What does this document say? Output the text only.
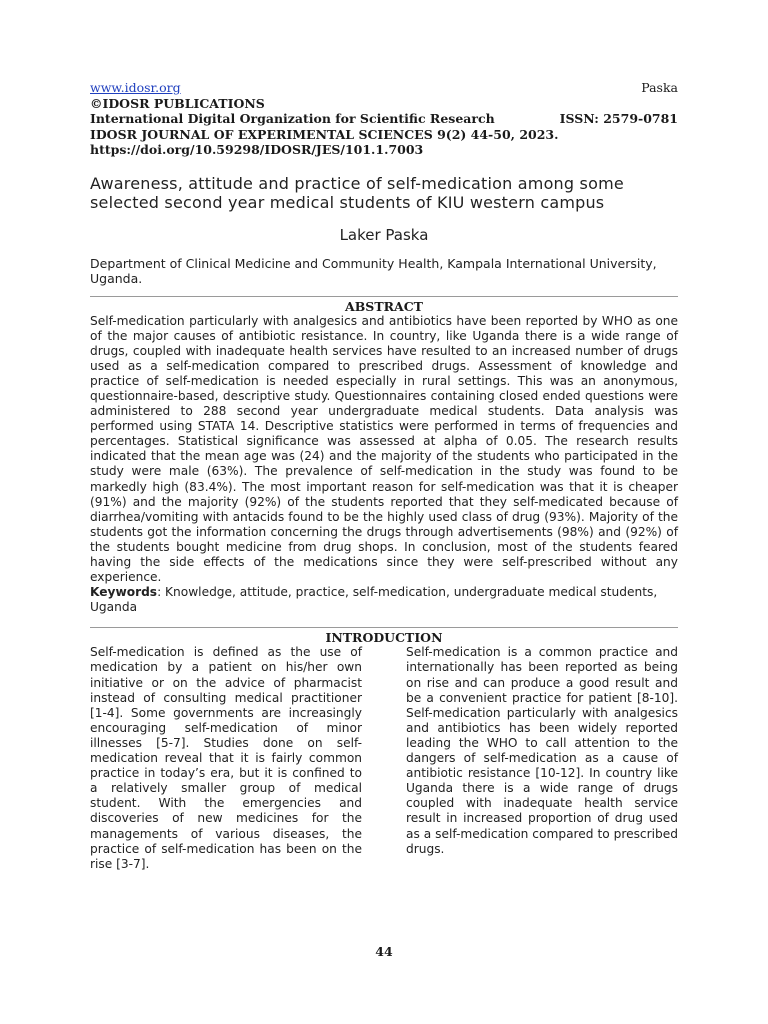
www.idosr.org	Paska
©IDOSR PUBLICATIONS
International Digital Organization for Scientific Research	ISSN: 2579-0781
IDOSR JOURNAL OF EXPERIMENTAL SCIENCES 9(2) 44-50, 2023.
https://doi.org/10.59298/IDOSR/JES/101.1.7003
Awareness, attitude and practice of self-medication among some selected second year medical students of KIU western campus
Laker Paska
Department of Clinical Medicine and Community Health, Kampala International University, Uganda.
ABSTRACT

Self-medication particularly with analgesics and antibiotics have been reported by WHO as one of the major causes of antibiotic resistance. In country, like Uganda there is a wide range of drugs, coupled with inadequate health services have resulted to an increased number of drugs used as a self-medication compared to prescribed drugs. Assessment of knowledge and practice of self-medication is needed especially in rural settings. This was an anonymous, questionnaire-based, descriptive study. Questionnaires containing closed ended questions were administered to 288 second year undergraduate medical students. Data analysis was performed using STATA 14. Descriptive statistics were performed in terms of frequencies and percentages. Statistical significance was assessed at alpha of 0.05. The research results indicated that the mean age was (24) and the majority of the students who participated in the study were male (63%). The prevalence of self-medication in the study was found to be markedly high (83.4%). The most important reason for self-medication was that it is cheaper (91%) and the majority (92%) of the students reported that they self-medicated because of diarrhea/vomiting with antacids found to be the highly used class of drug (93%). Majority of the students got the information concerning the drugs through advertisements (98%) and (92%) of the students bought medicine from drug shops. In conclusion, most of the students feared having the side effects of the medications since they were self-prescribed without any experience.

Keywords: Knowledge, attitude, practice, self-medication, undergraduate medical students, Uganda
INTRODUCTION

Self-medication is defined as the use of medication by a patient on his/her own initiative or on the advice of pharmacist instead of consulting medical practitioner [1-4]. Some governments are increasingly encouraging self-medication of minor illnesses [5-7]. Studies done on self-medication reveal that it is fairly common practice in today’s era, but it is confined to a relatively smaller group of medical student. With the emergencies and discoveries of new medicines for the managements of various diseases, the practice of self-medication has been on the rise [3-7].

Self-medication is a common practice and internationally has been reported as being on rise and can produce a good result and be a convenient practice for patient [8-10]. Self-medication particularly with analgesics and antibiotics has been widely reported leading the WHO to call attention to the dangers of self-medication as a cause of antibiotic resistance [10-12]. In country like Uganda there is a wide range of drugs coupled with inadequate health service result in increased proportion of drug used as a self-medication compared to prescribed drugs.

44
